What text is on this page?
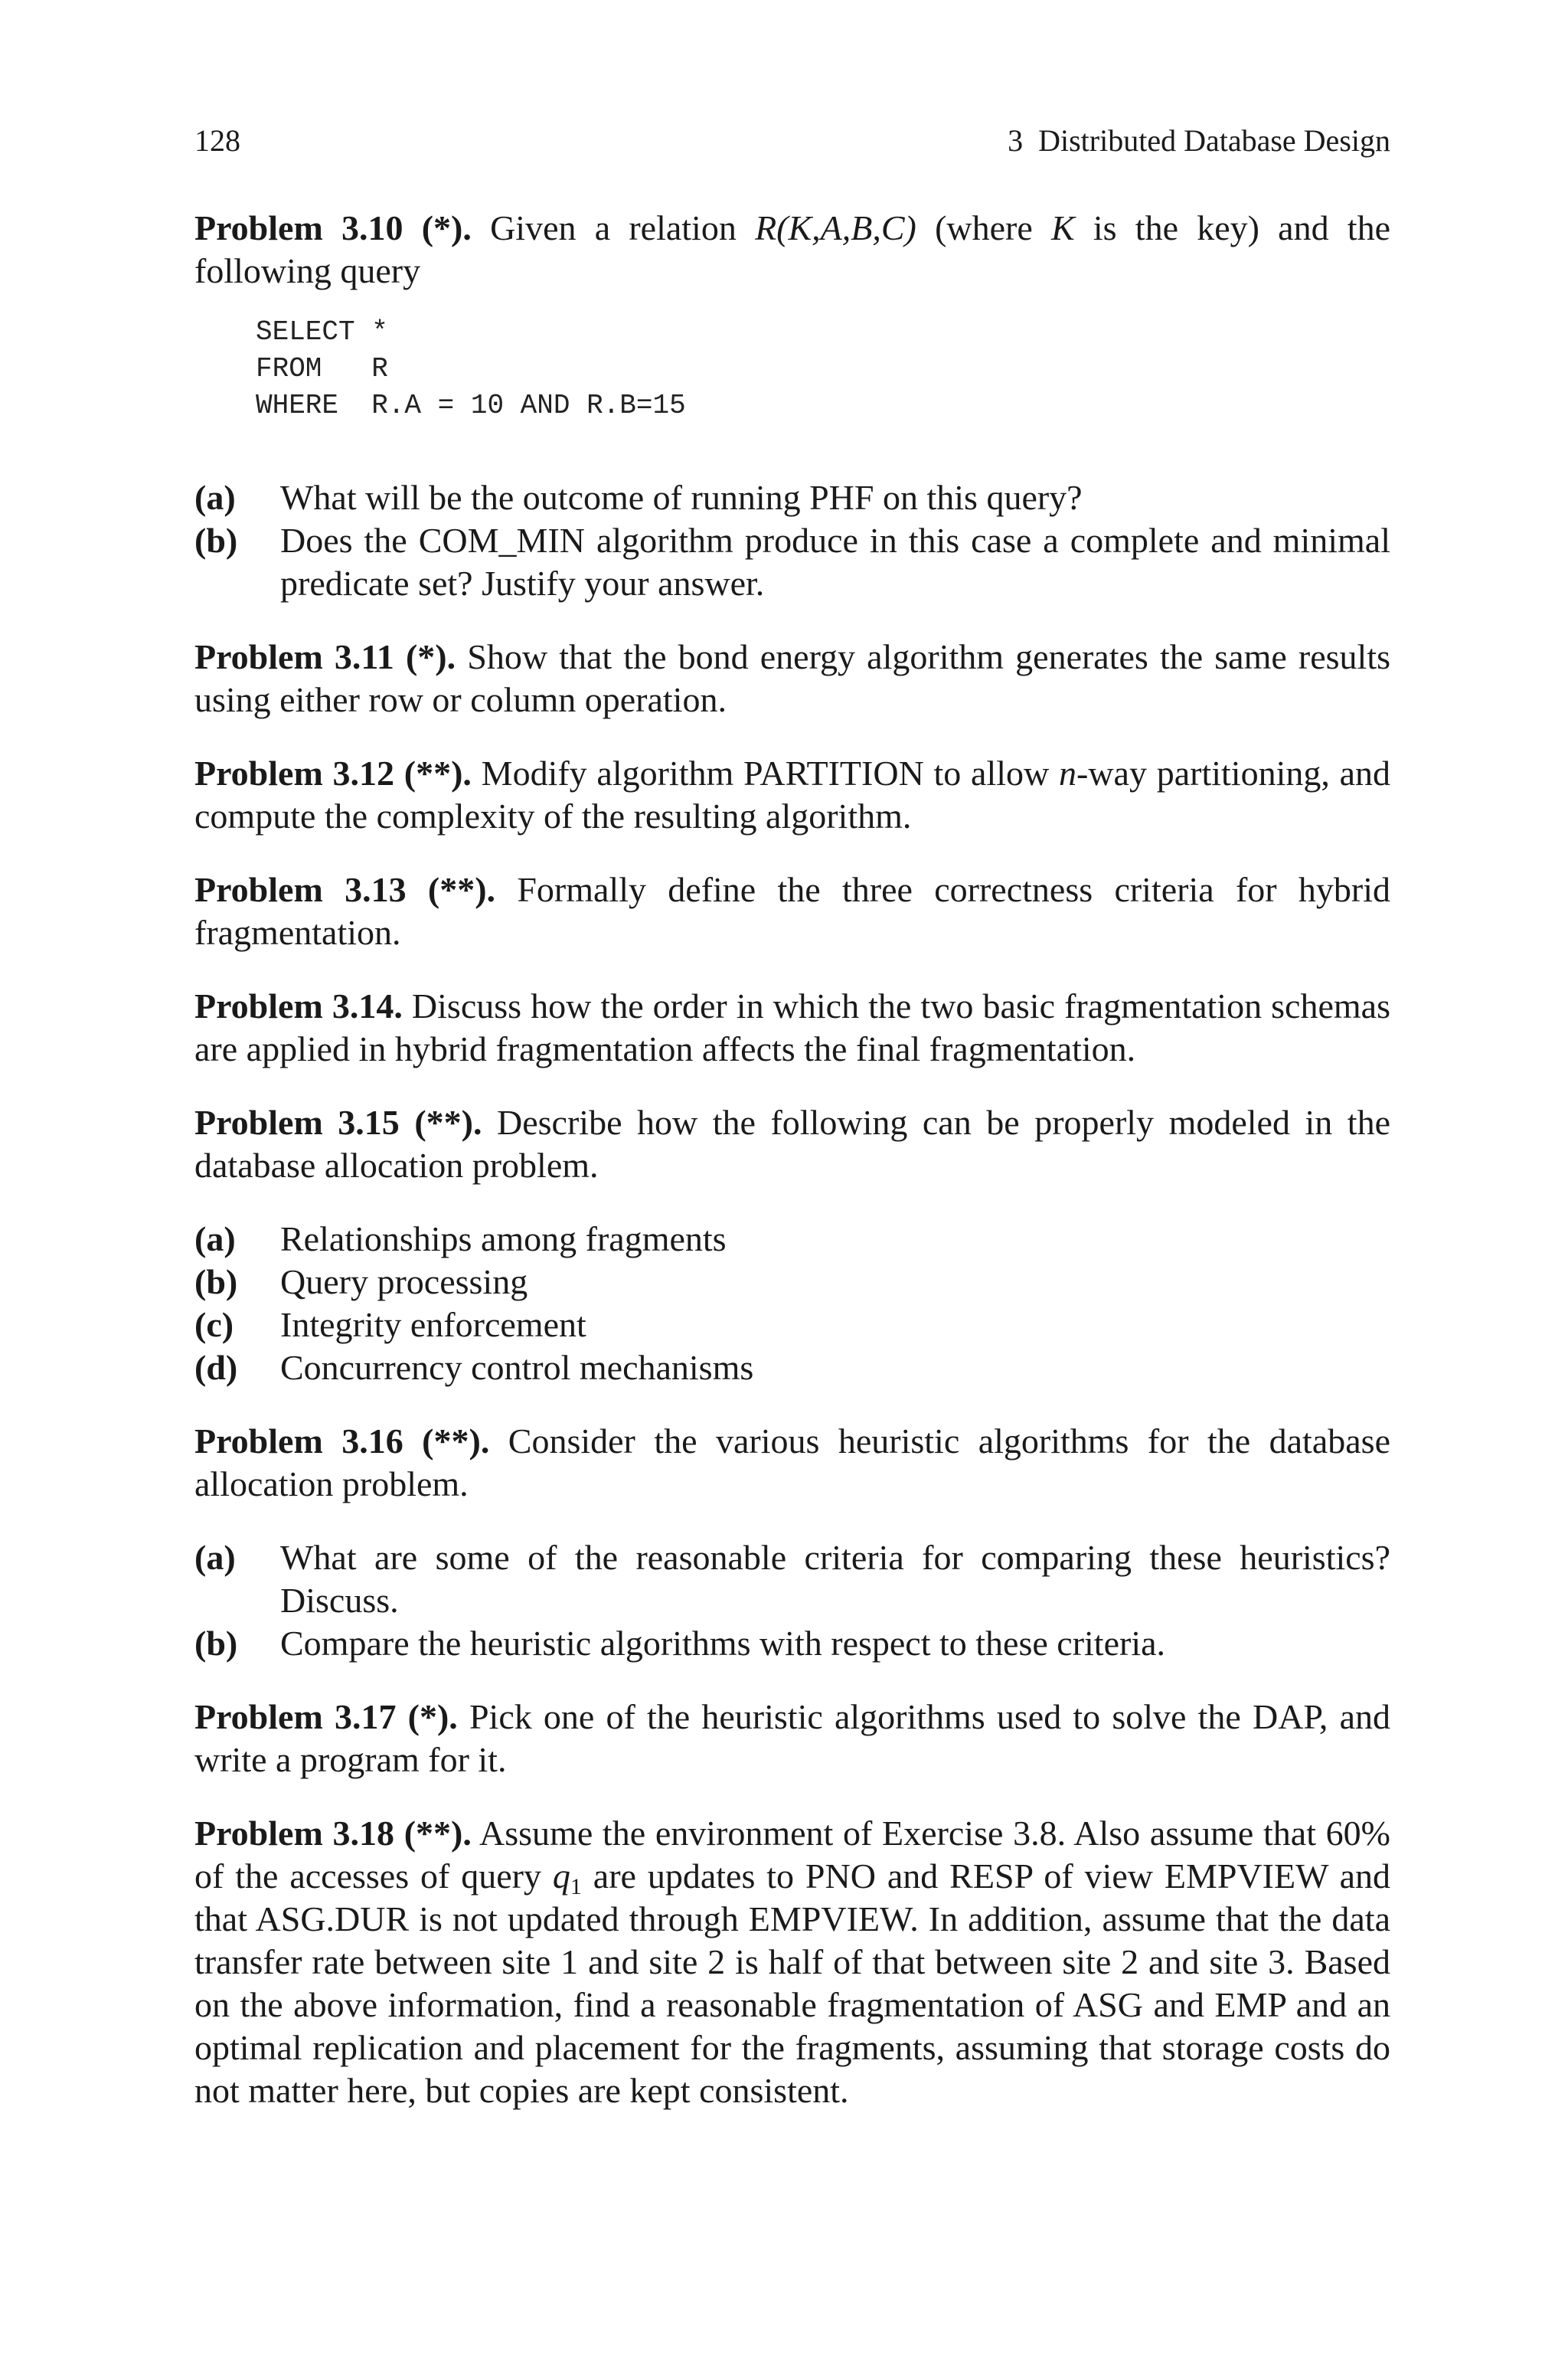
128	3  Distributed Database Design

Problem 3.10 (*). Given a relation R(K,A,B,C) (where K is the key) and the following query

SELECT *
FROM   R
WHERE  R.A = 10 AND R.B=15
(a)	What will be the outcome of running PHF on this query?
(b)	Does the COM_MIN algorithm produce in this case a complete and minimal predicate set? Justify your answer.

Problem 3.11 (*). Show that the bond energy algorithm generates the same results using either row or column operation.

Problem 3.12 (**). Modify algorithm PARTITION to allow n-way partitioning, and compute the complexity of the resulting algorithm.

Problem 3.13 (**). Formally define the three correctness criteria for hybrid fragmentation.

Problem 3.14. Discuss how the order in which the two basic fragmentation schemas are applied in hybrid fragmentation affects the final fragmentation.

Problem 3.15 (**). Describe how the following can be properly modeled in the database allocation problem.

(a)	Relationships among fragments
(b)	Query processing
(c)	Integrity enforcement
(d)	Concurrency control mechanisms

Problem 3.16 (**). Consider the various heuristic algorithms for the database allocation problem.

(a)	What are some of the reasonable criteria for comparing these heuristics? Discuss.
(b)	Compare the heuristic algorithms with respect to these criteria.

Problem 3.17 (*). Pick one of the heuristic algorithms used to solve the DAP, and write a program for it.

Problem 3.18 (**). Assume the environment of Exercise 3.8. Also assume that 60% of the accesses of query $q_1$ are updates to PNO and RESP of view EMPVIEW and that ASG.DUR is not updated through EMPVIEW. In addition, assume that the data transfer rate between site 1 and site 2 is half of that between site 2 and site 3. Based on the above information, find a reasonable fragmentation of ASG and EMP and an optimal replication and placement for the fragments, assuming that storage costs do not matter here, but copies are kept consistent.
